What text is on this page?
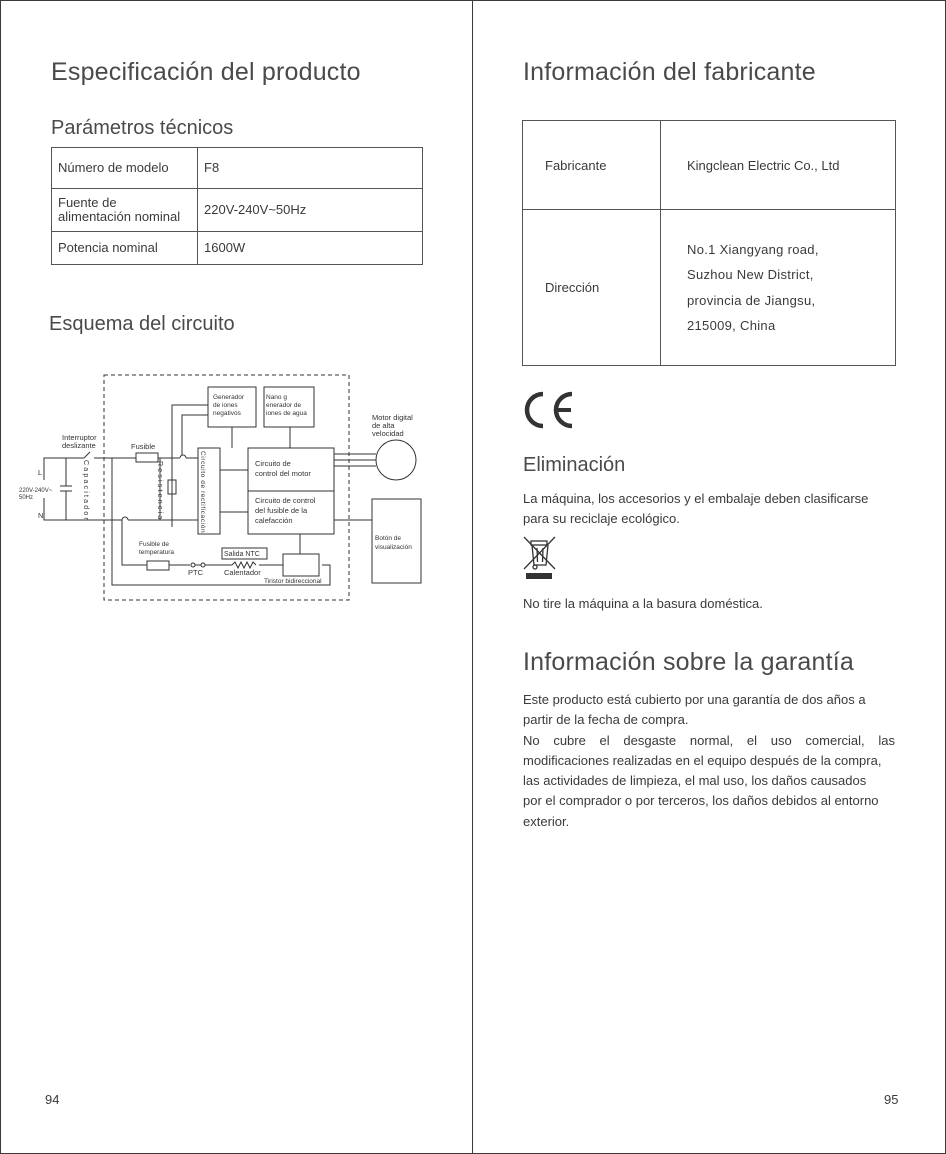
Especificación del producto
Parámetros técnicos
Número de modelo	F8

Fuente de
alimentación nominal	220V-240V~50Hz
Potencia nominal	1600W
Esquema del circuito
Generador
de iones
negativos
Nano g
enerador de
iones de agua	Motor digital
de alta
velocidad
Interruptor
deslizante	Fusible
L
N
220V-240V~
50Hz	Capacitador	Resistencia	Circuito de rectificación	Circuito de
control del motor
Circuito de control
del fusible de la
calefacción
Botón de
visualización
Fusible de
temperatura	Salida NTC
PTC	Calentador
Tiristor bidireccional
94
Información del fabricante
Fabricante	Kingclean Electric Co., Ltd
Dirección	No.1 Xiangyang road,
Suzhou New District,
provincia de Jiangsu,
215009, China
Eliminación
La máquina, los accesorios y el embalaje deben clasificarse
para su reciclaje ecológico.
No tire la máquina a la basura doméstica.
Información sobre la garantía
Este producto está cubierto por una garantía de dos años a
partir de la fecha de compra.
No cubre el desgaste normal, el uso comercial, las
modificaciones realizadas en el equipo después de la compra,
las actividades de limpieza, el mal uso, los daños causados
por el comprador o por terceros, los daños debidos al entorno
exterior.
95
